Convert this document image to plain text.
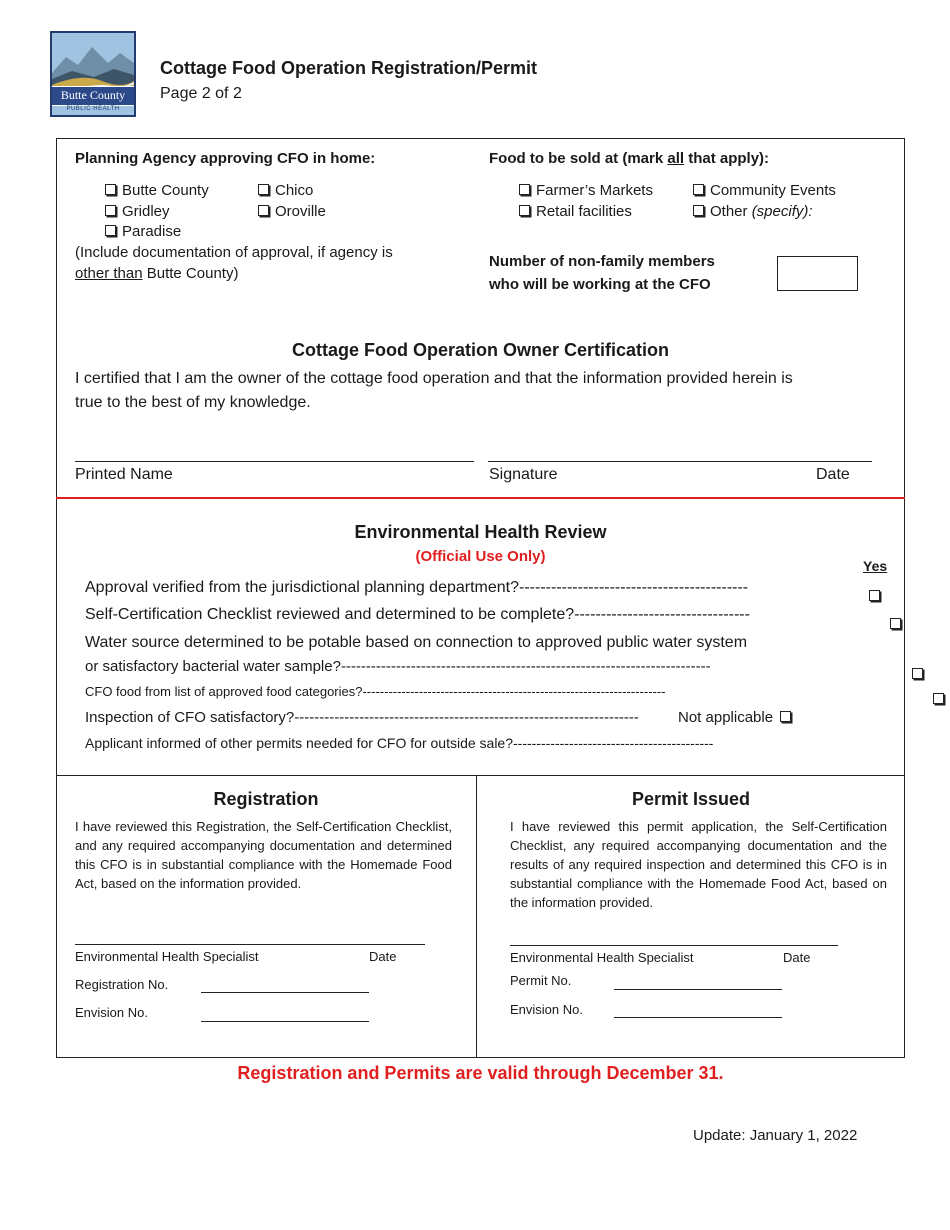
Butte County
PUBLIC HEALTH
Cottage Food Operation Registration/Permit
Page 2 of 2
Planning Agency approving CFO in home:
Butte County	Chico
Gridley	Oroville
Paradise
(Include documentation of approval, if agency is
other than Butte County)
Food to be sold at (mark all that apply):
Farmer’s Markets	Community Events
Retail facilities	Other (specify):
Number of non-family members
who will be working at the CFO
Cottage Food Operation Owner Certification
I certified that I am the owner of the cottage food operation and that the information provided herein is
true to the best of my knowledge.
Printed Name	Signature	Date
Environmental Health Review
(Official Use Only)
Yes
Approval verified from the jurisdictional planning department?-------------------------------------------
Self-Certification Checklist reviewed and determined to be complete?---------------------------------
Water source determined to be potable based on connection to approved public water system
or satisfactory bacterial water sample?--------------------------------------------------------------------------
CFO food from list of approved food categories?----------------------------------------------------------------------
Inspection of CFO satisfactory?---------------------------------------------------------------------	Not applicable
Applicant informed of other permits needed for CFO for outside sale?-------------------------------------------

Registration
I have reviewed this Registration, the Self-Certification Checklist, and any required accompanying documentation and determined this CFO is in substantial compliance with the Homemade Food Act, based on the information provided.
Environmental Health Specialist	Date
Registration No.
Envision No.
Permit Issued
I have reviewed this permit application, the Self-Certification Checklist, any required accompanying documentation and the results of any required inspection and determined this CFO is in substantial compliance with the Homemade Food Act, based on the information provided.
Environmental Health Specialist	Date
Permit No.
Envision No.
Registration and Permits are valid through December 31.
Update: January 1, 2022
